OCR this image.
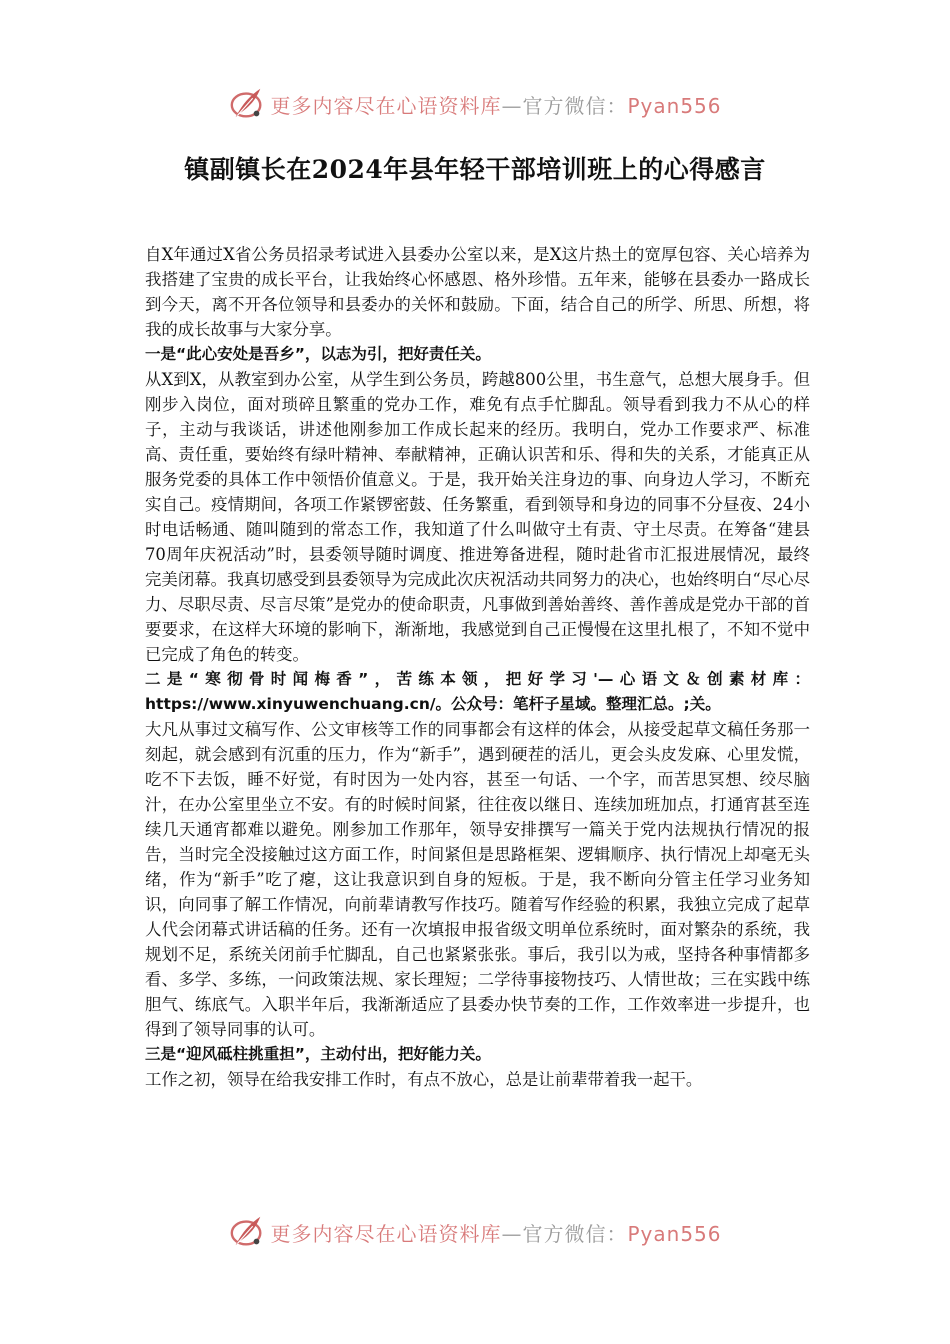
更多内容尽在心语资料库—官方微信：Pyan556
镇副镇长在2024年县年轻干部培训班上的心得感言

自X年通过X省公务员招录考试进入县委办公室以来，是X这片热土的宽厚包容、关心培养为我搭建了宝贵的成长平台，让我始终心怀感恩、格外珍惜。五年来，能够在县委办一路成长到今天，离不开各位领导和县委办的关怀和鼓励。下面，结合自己的所学、所思、所想，将我的成长故事与大家分享。

一是“此心安处是吾乡”，以志为引，把好责任关。

从X到X，从教室到办公室，从学生到公务员，跨越800公里，书生意气，总想大展身手。但刚步入岗位，面对琐碎且繁重的党办工作，难免有点手忙脚乱。领导看到我力不从心的样子，主动与我谈话，讲述他刚参加工作成长起来的经历。我明白，党办工作要求严、标准高、责任重，要始终有绿叶精神、奉献精神，正确认识苦和乐、得和失的关系，才能真正从服务党委的具体工作中领悟价值意义。于是，我开始关注身边的事、向身边人学习，不断充实自己。疫情期间，各项工作紧锣密鼓、任务繁重，看到领导和身边的同事不分昼夜、24小时电话畅通、随叫随到的常态工作，我知道了什么叫做守土有责、守土尽责。在筹备“建县70周年庆祝活动”时，县委领导随时调度、推进筹备进程，随时赴省市汇报进展情况，最终完美闭幕。我真切感受到县委领导为完成此次庆祝活动共同努力的决心，也始终明白“尽心尽力、尽职尽责、尽言尽策”是党办的使命职责，凡事做到善始善终、善作善成是党办干部的首要要求，在这样大环境的影响下，渐渐地，我感觉到自己正慢慢在这里扎根了，不知不觉中已完成了角色的转变。

二是“寒彻骨时闻梅香”，苦练本领，把好学习'—心语文＆创素材库：https://www.xinyuwenchuang.cn/。公众号：笔杆子星域。整理汇总。;关。

大凡从事过文稿写作、公文审核等工作的同事都会有这样的体会，从接受起草文稿任务那一刻起，就会感到有沉重的压力，作为“新手”，遇到硬茬的活儿，更会头皮发麻、心里发慌，吃不下去饭，睡不好觉，有时因为一处内容，甚至一句话、一个字，而苦思冥想、绞尽脑汁，在办公室里坐立不安。有的时候时间紧，往往夜以继日、连续加班加点，打通宵甚至连续几天通宵都难以避免。刚参加工作那年，领导安排撰写一篇关于党内法规执行情况的报告，当时完全没接触过这方面工作，时间紧但是思路框架、逻辑顺序、执行情况上却毫无头绪，作为“新手”吃了瘪，这让我意识到自身的短板。于是，我不断向分管主任学习业务知识，向同事了解工作情况，向前辈请教写作技巧。随着写作经验的积累，我独立完成了起草人代会闭幕式讲话稿的任务。还有一次填报申报省级文明单位系统时，面对繁杂的系统，我规划不足，系统关闭前手忙脚乱，自己也紧紧张张。事后，我引以为戒，坚持各种事情都多看、多学、多练，一问政策法规、家长理短；二学待事接物技巧、人情世故；三在实践中练胆气、练底气。入职半年后，我渐渐适应了县委办快节奏的工作，工作效率进一步提升，也得到了领导同事的认可。

三是“迎风砥柱挑重担”，主动付出，把好能力关。

工作之初，领导在给我安排工作时，有点不放心，总是让前辈带着我一起干。

更多内容尽在心语资料库—官方微信：Pyan556
